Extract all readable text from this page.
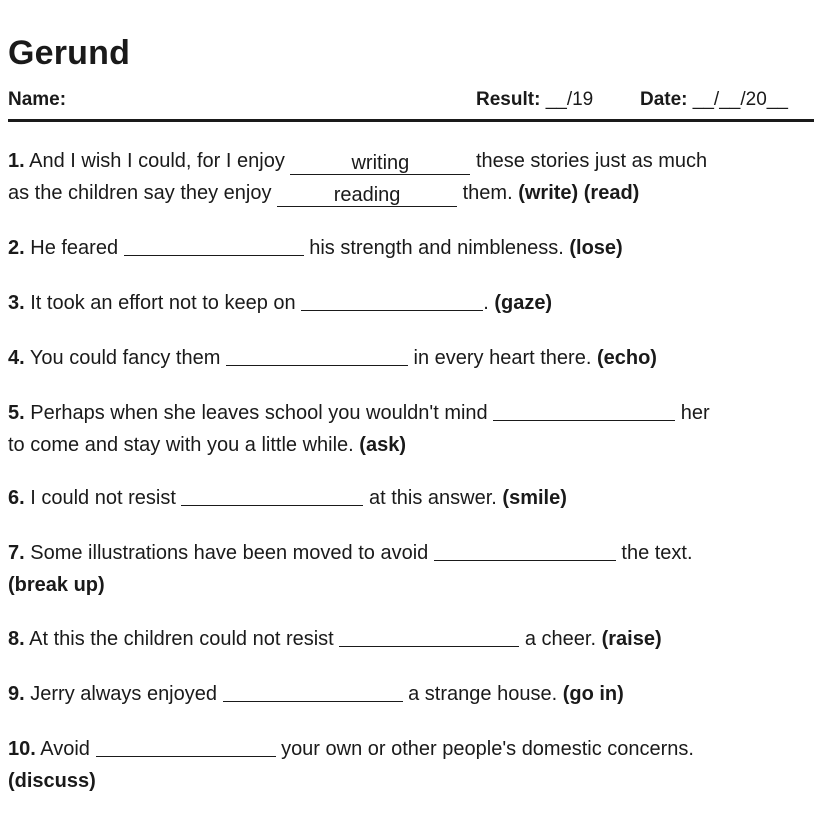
Gerund
Name:	Result: __/19 Date: __/__/20__
1. And I wish I could, for I enjoy	writing	these stories just as much
as the children say they enjoy	reading	them. (write) (read)
2. He feared	his strength and nimbleness. (lose)
3. It took an effort not to keep on	. (gaze)
4. You could fancy them	in every heart there. (echo)
5. Perhaps when she leaves school you wouldn't mind	her
to come and stay with you a little while. (ask)
6. I could not resist	at this answer. (smile)
7. Some illustrations have been moved to avoid	the text.
(break up)
8. At this the children could not resist	a cheer. (raise)
9. Jerry always enjoyed	a strange house. (go in)
10. Avoid	your own or other people's domestic concerns.
(discuss)
